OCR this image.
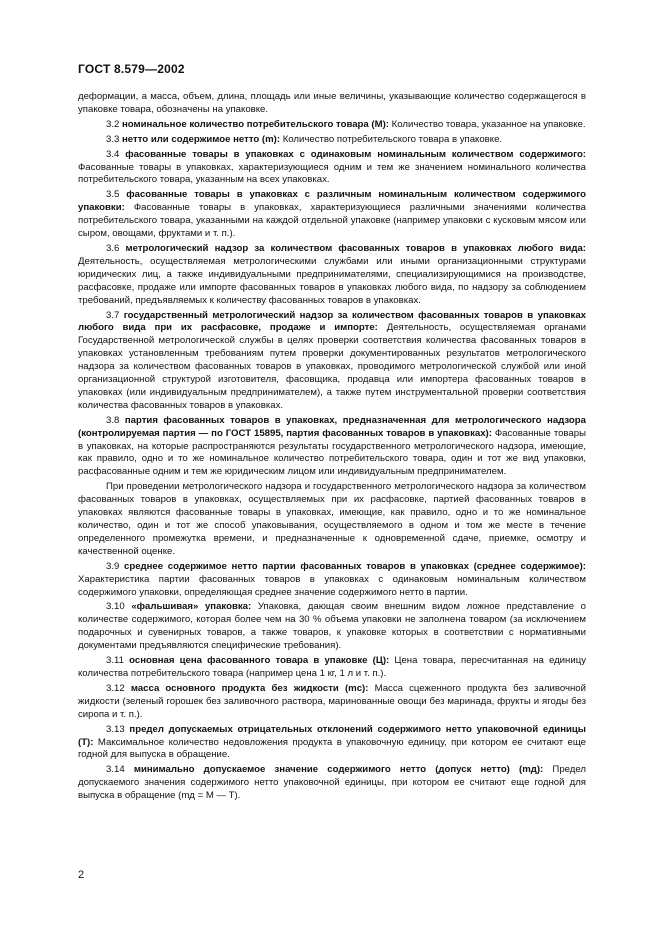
ГОСТ 8.579—2002

деформации, а масса, объем, длина, площадь или иные величины, указывающие количество содержащегося в упаковке товара, обозначены на упаковке.

3.2 номинальное количество потребительского товара (M): Количество товара, указанное на упаковке.

3.3 нетто или содержимое нетто (m): Количество потребительского товара в упаковке.

3.4 фасованные товары в упаковках с одинаковым номинальным количеством содержимого: Фасованные товары в упаковках, характеризующиеся одним и тем же значением номинального количества потребительского товара, указанным на всех упаковках.

3.5 фасованные товары в упаковках с различным номинальным количеством содержимого упаковки: Фасованные товары в упаковках, характеризующиеся различными значениями количества потребительского товара, указанными на каждой отдельной упаковке (например упаковки с кусковым мясом или сыром, овощами, фруктами и т. п.).

3.6 метрологический надзор за количеством фасованных товаров в упаковках любого вида: Деятельность, осуществляемая метрологическими службами или иными организационными структурами юридических лиц, а также индивидуальными предпринимателями, специализирующимися на производстве, расфасовке, продаже или импорте фасованных товаров в упаковках любого вида, по надзору за соблюдением требований, предъявляемых к количеству фасованных товаров в упаковках.

3.7 государственный метрологический надзор за количеством фасованных товаров в упаковках любого вида при их расфасовке, продаже и импорте: Деятельность, осуществляемая органами Государственной метрологической службы в целях проверки соответствия количества фасованных товаров в упаковках установленным требованиям путем проверки документированных результатов метрологического надзора за количеством фасованных товаров в упаковках, проводимого метрологической службой или иной организационной структурой изготовителя, фасовщика, продавца или импортера фасованных товаров в упаковках (или индивидуальным предпринимателем), а также путем инструментальной проверки соответствия количества фасованных товаров в упаковках.

3.8 партия фасованных товаров в упаковках, предназначенная для метрологического надзора (контролируемая партия — по ГОСТ 15895, партия фасованных товаров в упаковках): Фасованные товары в упаковках, на которые распространяются результаты государственного метрологического надзора, имеющие, как правило, одно и то же номинальное количество потребительского товара, один и тот же вид упаковки, расфасованные одним и тем же юридическим лицом или индивидуальным предпринимателем.

При проведении метрологического надзора и государственного метрологического надзора за количеством фасованных товаров в упаковках, осуществляемых при их расфасовке, партией фасованных товаров в упаковках являются фасованные товары в упаковках, имеющие, как правило, одно и то же номинальное количество, один и тот же способ упаковывания, осуществляемого в одном и том же месте в течение определенного промежутка времени, и предназначенные к одновременной сдаче, приемке, осмотру и качественной оценке.

3.9 среднее содержимое нетто партии фасованных товаров в упаковках (среднее содержимое): Характеристика партии фасованных товаров в упаковках с одинаковым номинальным количеством содержимого упаковки, определяющая среднее значение содержимого нетто в партии.

3.10 «фальшивая» упаковка: Упаковка, дающая своим внешним видом ложное представление о количестве содержимого, которая более чем на 30 % объема упаковки не заполнена товаром (за исключением подарочных и сувенирных товаров, а также товаров, к упаковке которых в соответствии с нормативными документами предъявляются специфические требования).

3.11 основная цена фасованного товара в упаковке (Ц): Цена товара, пересчитанная на единицу количества потребительского товара (например цена 1 кг, 1 л и т. п.).

3.12 масса основного продукта без жидкости (mс): Масса сцеженного продукта без заливочной жидкости (зеленый горошек без заливочного раствора, маринованные овощи без маринада, фрукты и ягоды без сиропа и т. п.).

3.13 предел допускаемых отрицательных отклонений содержимого нетто упаковочной единицы (T): Максимальное количество недовложения продукта в упаковочную единицу, при котором ее считают еще годной для выпуска в обращение.

3.14 минимально допускаемое значение содержимого нетто (допуск нетто) (mд): Предел допускаемого значения содержимого нетто упаковочной единицы, при котором ее считают еще годной для выпуска в обращение (mд = M — T).

2
